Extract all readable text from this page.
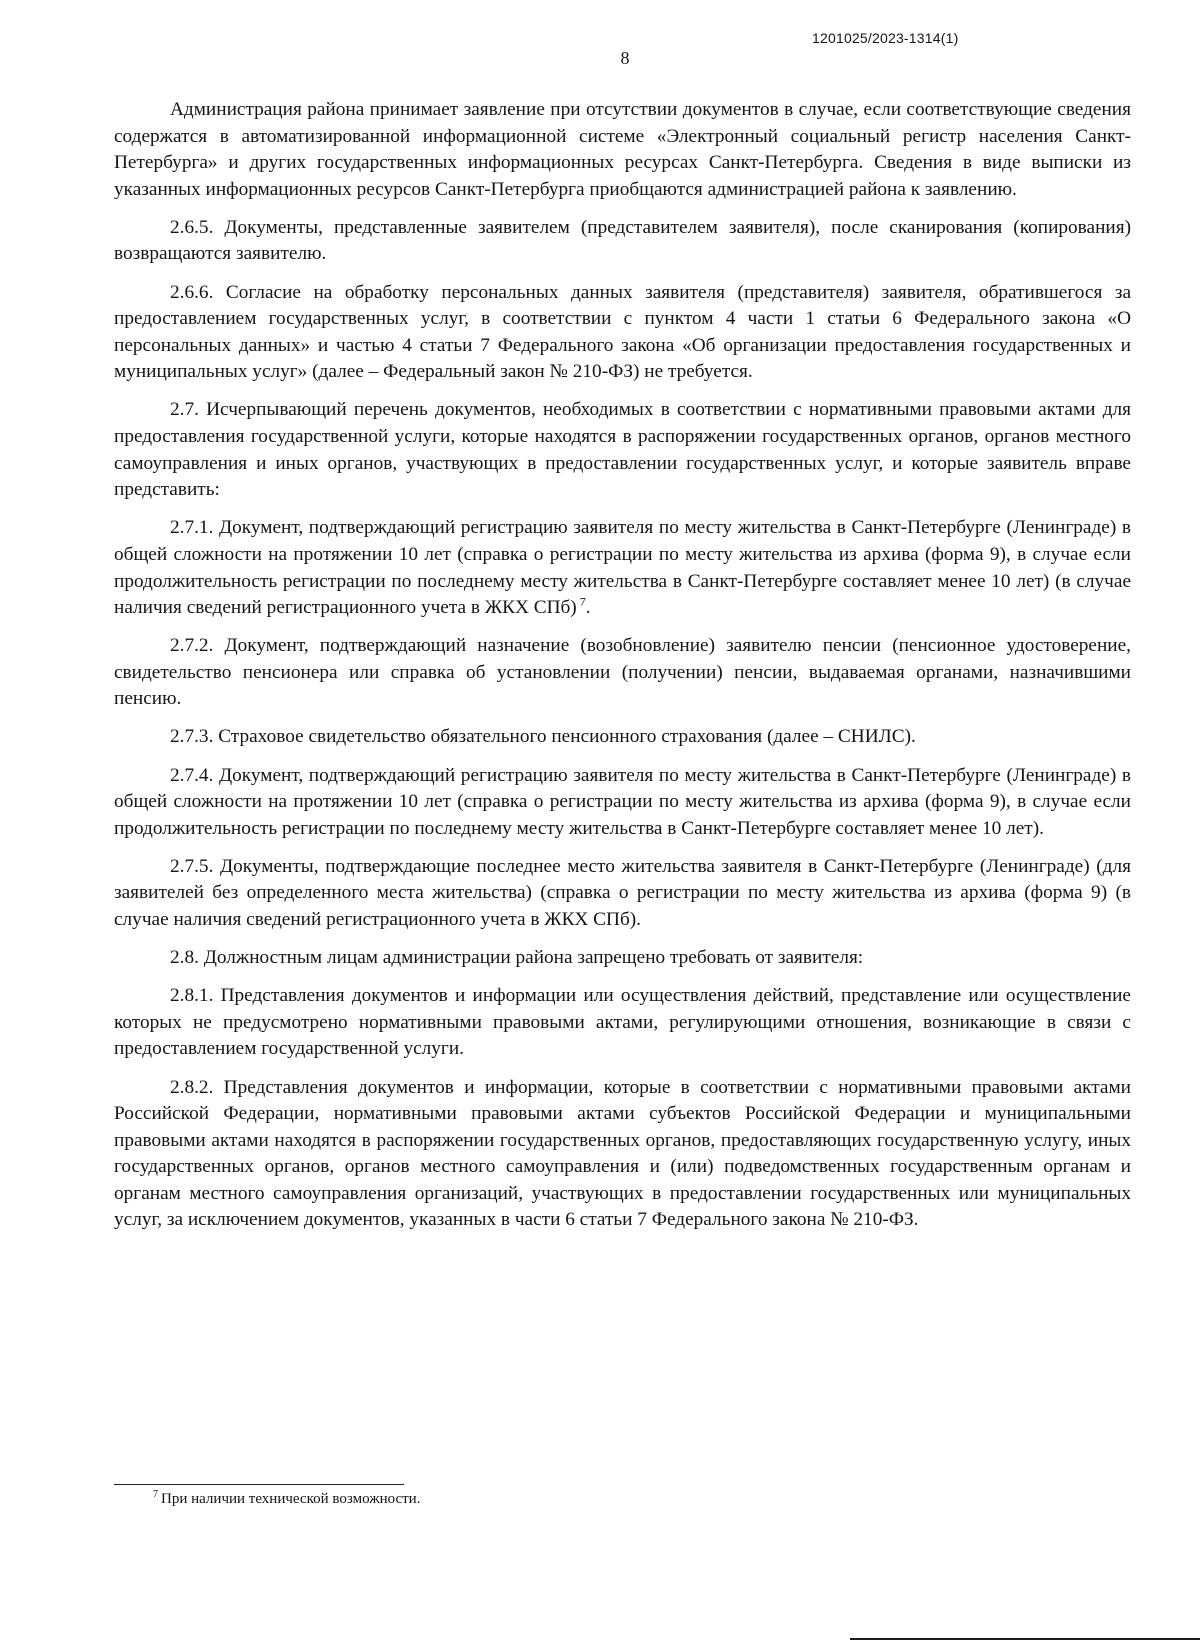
1201025/2023-1314(1)
8

Администрация района принимает заявление при отсутствии документов в случае, если соответствующие сведения содержатся в автоматизированной информационной системе «Электронный социальный регистр населения Санкт-Петербурга» и других государственных информационных ресурсах Санкт-Петербурга. Сведения в виде выписки из указанных информационных ресурсов Санкт-Петербурга приобщаются администрацией района к заявлению.

2.6.5. Документы, представленные заявителем (представителем заявителя), после сканирования (копирования) возвращаются заявителю.

2.6.6. Согласие на обработку персональных данных заявителя (представителя) заявителя, обратившегося за предоставлением государственных услуг, в соответствии с пунктом 4 части 1 статьи 6 Федерального закона «О персональных данных» и частью 4 статьи 7 Федерального закона «Об организации предоставления государственных и муниципальных услуг» (далее – Федеральный закон № 210-ФЗ) не требуется.

2.7. Исчерпывающий перечень документов, необходимых в соответствии с нормативными правовыми актами для предоставления государственной услуги, которые находятся в распоряжении государственных органов, органов местного самоуправления и иных органов, участвующих в предоставлении государственных услуг, и которые заявитель вправе представить:

2.7.1. Документ, подтверждающий регистрацию заявителя по месту жительства в Санкт-Петербурге (Ленинграде) в общей сложности на протяжении 10 лет (справка о регистрации по месту жительства из архива (форма 9), в случае если продолжительность регистрации по последнему месту жительства в Санкт-Петербурге составляет менее 10 лет) (в случае наличия сведений регистрационного учета в ЖКХ СПб) $^7$.

2.7.2. Документ, подтверждающий назначение (возобновление) заявителю пенсии (пенсионное удостоверение, свидетельство пенсионера или справка об установлении (получении) пенсии, выдаваемая органами, назначившими пенсию.

2.7.3. Страховое свидетельство обязательного пенсионного страхования (далее – СНИЛС).

2.7.4. Документ, подтверждающий регистрацию заявителя по месту жительства в Санкт-Петербурге (Ленинграде) в общей сложности на протяжении 10 лет (справка о регистрации по месту жительства из архива (форма 9), в случае если продолжительность регистрации по последнему месту жительства в Санкт-Петербурге составляет менее 10 лет).

2.7.5. Документы, подтверждающие последнее место жительства заявителя в Санкт-Петербурге (Ленинграде) (для заявителей без определенного места жительства) (справка о регистрации по месту жительства из архива (форма 9) (в случае наличия сведений регистрационного учета в ЖКХ СПб).

2.8. Должностным лицам администрации района запрещено требовать от заявителя:

2.8.1. Представления документов и информации или осуществления действий, представление или осуществление которых не предусмотрено нормативными правовыми актами, регулирующими отношения, возникающие в связи с предоставлением государственной услуги.

2.8.2. Представления документов и информации, которые в соответствии с нормативными правовыми актами Российской Федерации, нормативными правовыми актами субъектов Российской Федерации и муниципальными правовыми актами находятся в распоряжении государственных органов, предоставляющих государственную услугу, иных государственных органов, органов местного самоуправления и (или) подведомственных государственным органам и органам местного самоуправления организаций, участвующих в предоставлении государственных или муниципальных услуг, за исключением документов, указанных в части 6 статьи 7 Федерального закона № 210-ФЗ.

$^7$ При наличии технической возможности.
